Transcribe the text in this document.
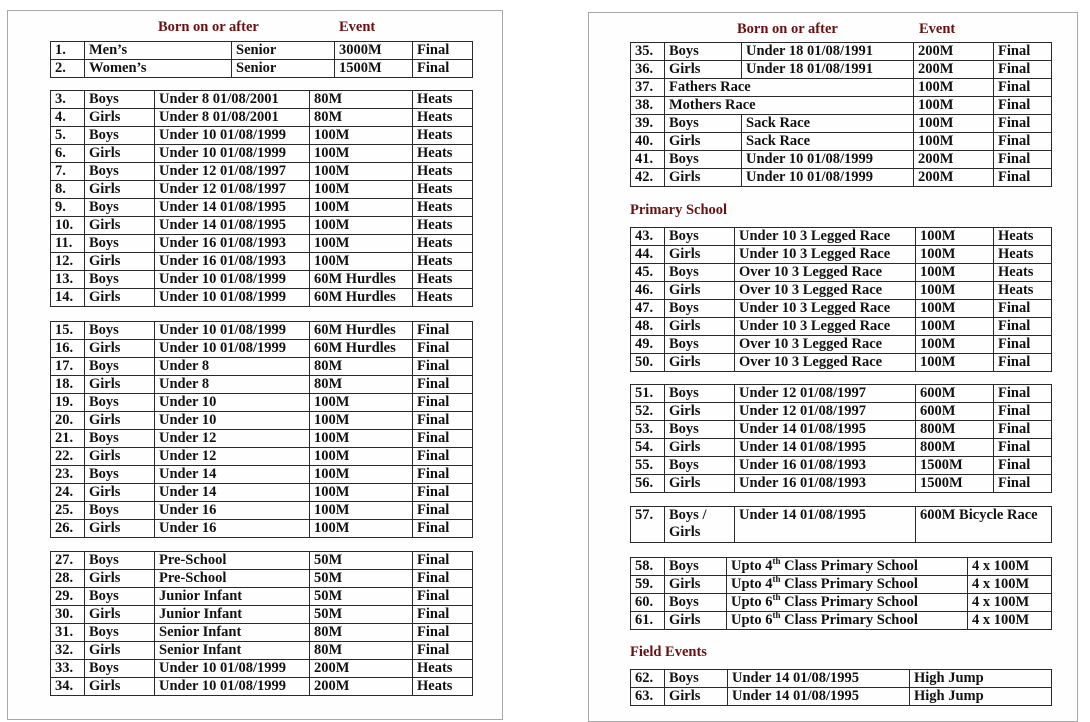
Born on or after	Event
1.	Men’s	Senior	3000M	Final
2.	Women’s	Senior	1500M	Final
3.	Boys	Under 8 01/08/2001	80M	Heats
4.	Girls	Under 8 01/08/2001	80M	Heats
5.	Boys	Under 10 01/08/1999	100M	Heats
6.	Girls	Under 10 01/08/1999	100M	Heats
7.	Boys	Under 12 01/08/1997	100M	Heats
8.	Girls	Under 12 01/08/1997	100M	Heats
9.	Boys	Under 14 01/08/1995	100M	Heats
10.	Girls	Under 14 01/08/1995	100M	Heats
11.	Boys	Under 16 01/08/1993	100M	Heats
12.	Girls	Under 16 01/08/1993	100M	Heats
13.	Boys	Under 10 01/08/1999	60M Hurdles	Heats
14.	Girls	Under 10 01/08/1999	60M Hurdles	Heats
15.	Boys	Under 10 01/08/1999	60M Hurdles	Final
16.	Girls	Under 10 01/08/1999	60M Hurdles	Final
17.	Boys	Under 8	80M	Final
18.	Girls	Under 8	80M	Final
19.	Boys	Under 10	100M	Final
20.	Girls	Under 10	100M	Final
21.	Boys	Under 12	100M	Final
22.	Girls	Under 12	100M	Final
23.	Boys	Under 14	100M	Final
24.	Girls	Under 14	100M	Final
25.	Boys	Under 16	100M	Final
26.	Girls	Under 16	100M	Final
27.	Boys	Pre-School	50M	Final
28.	Girls	Pre-School	50M	Final
29.	Boys	Junior Infant	50M	Final
30.	Girls	Junior Infant	50M	Final
31.	Boys	Senior Infant	80M	Final
32.	Girls	Senior Infant	80M	Final
33.	Boys	Under 10 01/08/1999	200M	Heats
34.	Girls	Under 10 01/08/1999	200M	Heats
Born on or after	Event
35.	Boys	Under 18 01/08/1991	200M	Final
36.	Girls	Under 18 01/08/1991	200M	Final
37.	Fathers Race		100M	Final
38.	Mothers Race		100M	Final
39.	Boys	Sack Race	100M	Final
40.	Girls	Sack Race	100M	Final
41.	Boys	Under 10 01/08/1999	200M	Final
42.	Girls	Under 10 01/08/1999	200M	Final
Primary School
43.	Boys	Under 10 3 Legged Race	100M	Heats
44.	Girls	Under 10 3 Legged Race	100M	Heats
45.	Boys	Over 10 3 Legged Race	100M	Heats
46.	Girls	Over 10 3 Legged Race	100M	Heats
47.	Boys	Under 10 3 Legged Race	100M	Final
48.	Girls	Under 10 3 Legged Race	100M	Final
49.	Boys	Over 10 3 Legged Race	100M	Final
50.	Girls	Over 10 3 Legged Race	100M	Final
51.	Boys	Under 12 01/08/1997	600M	Final
52.	Girls	Under 12 01/08/1997	600M	Final
53.	Boys	Under 14 01/08/1995	800M	Final
54.	Girls	Under 14 01/08/1995	800M	Final
55.	Boys	Under 16 01/08/1993	1500M	Final
56.	Girls	Under 16 01/08/1993	1500M	Final
57.	Boys / Girls	Under 14 01/08/1995	600M Bicycle Race
58.	Boys	Upto 4th Class Primary School	4 x 100M
59.	Girls	Upto 4th Class Primary School	4 x 100M
60.	Boys	Upto 6th Class Primary School	4 x 100M
61.	Girls	Upto 6th Class Primary School	4 x 100M
Field Events
62.	Boys	Under 14 01/08/1995	High Jump
63.	Girls	Under 14 01/08/1995	High Jump
